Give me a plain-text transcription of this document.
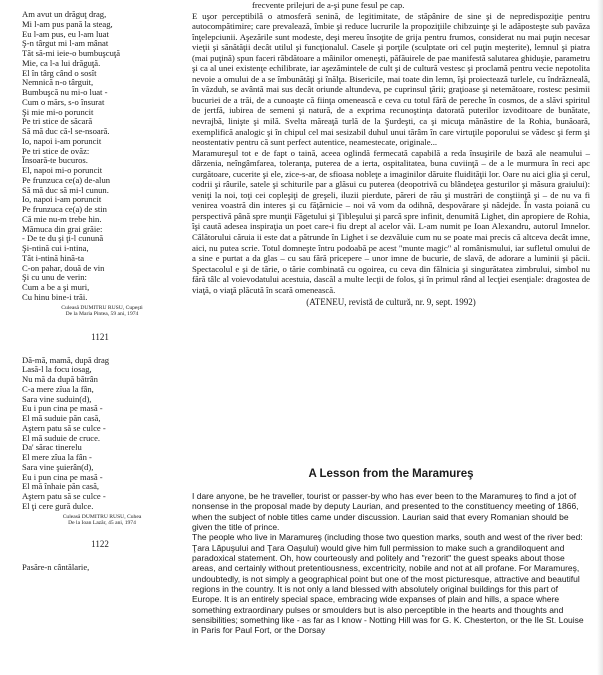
Am avut un drăguţ drag,
Mi l-am pus pană la steag,
Eu l-am pus, eu l-am luat
Ş-n târgut mi l-am mânat
Tăt să-mi ieie-o bumbuşcuţă
Mie, ca l-a lui drăguţă.
El în târg când o sosît
Nemnică n-o târguit,
Bumbuşcă nu mi-o luat -
Cum o mărs, s-o însurat
Şi mie mi-o poruncit
Pe tri stice de săcară
Să mă duc că-l se-nsoară.
Io, napoi i-am poruncit
Pe tri stice de ovăz:
Însoară-te bucuros.
El, napoi mi-o poruncit
Pe frunzuca ce(a) de-alun
Să mă duc să mi-l cunun.
Io, napoi i-am poruncit
Pe frunzuca ce(a) de stin
Că mie nu-m trebe hin.
Mămuca din grai grăie:
- De te du şi ţi-l cunună
Şi-ntină cui i-ntina,
Tăt i-ntină hină-ta
C-on pahar, două de vin
Şi cu unu de verin:
Cum a be a şi muri,
Cu hinu bine-i trăi.
Culeasă DUMITRU RUSU, Cupeşti
De la Maria Pintea, 59 ani, 1974
1121
Dă-mă, mamă, după drag
Lasă-l la focu iosag,
Nu mă da după bătrân
C-a mere zîua la fân,
Sara vine suduin(d),
Eu i pun cina pe masă -
El mă suduie păn casă,
Aştern patu să se culce -
El mă suduie de cruce.
Da' sărac tinerelu
El mere zîua la fân -
Sara vine şuierân(d),
Eu i pun cina pe masă -
El mă înhaie păn casă,
Aştern patu să se culce -
El ţi cere gură dulce.
Culeasă DUMITRU RUSU, Cuhea
De la Ioan Lazăr, 45 ani, 1974
1122
Pasăre-n cântălarie,

frecvente prilejuri de a-şi pune fesul pe cap.

E uşor perceptibilă o atmosferă senină, de legitimitate, de stăpânire de sine şi de nepredispoziţie pentru autocompătimire; care prevalează, îmbie şi reduce lucrurile la propoziţiile chibzuinţe şi le adăposteşte sub pavăza înţelepciunii. Aşezările sunt modeste, deşi mereu însoţite de grija pentru frumos, considerat nu mai puţin necesar vieţii şi sănătăţii decât utilul şi funcţionalul. Casele şi porţile (sculptate ori cel puţin meşterite), lemnul şi piatra (mai puţină) spun faceri răbdătoare a mâinilor omeneşti, păfăuirele de pae manifestă salutarea ghiduşie, parametru şi ca al unei existenţe echilibrate, iar aşezămintele de cult şi de cultură vestesc şi proclamă pentru vecie nepotolita nevoie a omului de a se îmbunătăţi şi înălţa. Bisericile, mai toate din lemn, îşi proiectează turlele, cu îndrăzneală, în văzduh, se avântă mai sus decât oriunde altundeva, pe cuprinsul ţării; graţioase şi netemătoare, rostesc pesimii bucuriei de a trăi, de a cunoaşte că fiinţa omenească e ceva cu totul fără de pereche în cosmos, de a slăvi spiritul de jertfă, iubirea de semeni şi natură, de a exprima recunoştinţa datorată puterilor izvoditoare de bunătate, nevrajbă, linişte şi milă. Svelta măreaţă turlă de la Şurdeşti, ca şi micuţa mănăstire de la Rohia, bunăoară, exemplifică analogic şi în chipul cel mai sesizabil duhul unui tărâm în care virtuţile poporului se vădesc şi ferm şi neostentativ pentru că sunt perfect autentice, neamestecate, originale...

Maramureşul tot e de fapt o taină, aceea oglindă fermecată capabilă a reda însuşirile de bază ale neamului – dârzenia, neîngâmfarea, toleranţa, puterea de a ierta, ospitalitatea, buna cuviinţă – de a le murmura în reci apc curgătoare, cucerite şi ele, zice-s-ar, de sfioasa nobleţe a imaginilor dăruite fluidităţii lor. Oare nu aici glia şi cerul, codrii şi râurile, satele şi schiturile par a glăsui cu puterea (deopotrivă cu blândeţea gesturilor şi măsura graiului): veniţi la noi, toţi cei copleşiţi de greşeli, iluzii pierdute, păreri de rău şi mustrări de conştiinţă şi – de nu va fi venirea voastră din interes şi cu făţărnicie – noi vă vom da odihnă, despovărare şi nădejde. În vasta poiană cu perspectivă până spre munţii Făgetului şi Ţibleşului şi parcă spre infinit, denumită Lighet, din apropiere de Rohia, îşi caută adesea inspiraţia un poet care-i fiu drept al acelor văi. L-am numit pe Ioan Alexandru, autorul Imnelor. Călătorului căruia ii este dat a pătrunde în Lighet i se dezvăluie cum nu se poate mai precis că altceva decât imne, aici, nu putea scrie. Totul domneşte întru podoabă pe acest "munte magic" al românismului, iar sufletul omului de a sine e purtat a da glas – cu sau fără pricepere – unor imne de bucurie, de slavă, de adorare a luminii şi păcii. Spectacolul e şi de tărie, o tărie combinată cu ogoirea, cu ceva din fălnicia şi singurătatea zimbrului, simbol nu fără tâlc al voievodatului acestuia, dascăl a multe lecţii de folos, şi în primul rând al lecţiei esenţiale: dragostea de viaţă, o viaţă plăcută în scară omenească.

(ATENEU, revistă de cultură, nr. 9, sept. 1992)
A Lesson from the Maramureş

I dare anyone, be he traveller, tourist or passer-by who has ever been to the Maramureş to find a jot of nonsense in the proposal made by deputy Laurian, and presented to the constituency meeting of 1866, when the subject of noble titles came under discussion. Laurian said that every Romanian should be given the title of prince.

The people who live in Maramureş (including those two question marks, south and west of the river bed: Ţara Lăpuşului and Ţara Oaşului) would give him full permission to make such a grandiloquent and paradoxical statement. Oh, how courteously and politely and "rezorit" the guest speaks about those areas, and certainly without pretentiousness, excentricity, nobile and not at all profane. For Maramureş, undoubtedly, is not simply a geographical point but one of the most picturesque, attractive and beautiful regions in the country. It is not only a land blessed with absolutely original buildings for this part of Europe. It is an entirely special space, embracing wide expanses of plain and hills, a space where something extraordinary pulses or smoulders but is also perceptible in the hearts and thoughts and sensibilities; something like - as far as I know - Notting Hill was for G. K. Chesterton, or the Ile St. Louise in Paris for Paul Fort, or the Dorsay
